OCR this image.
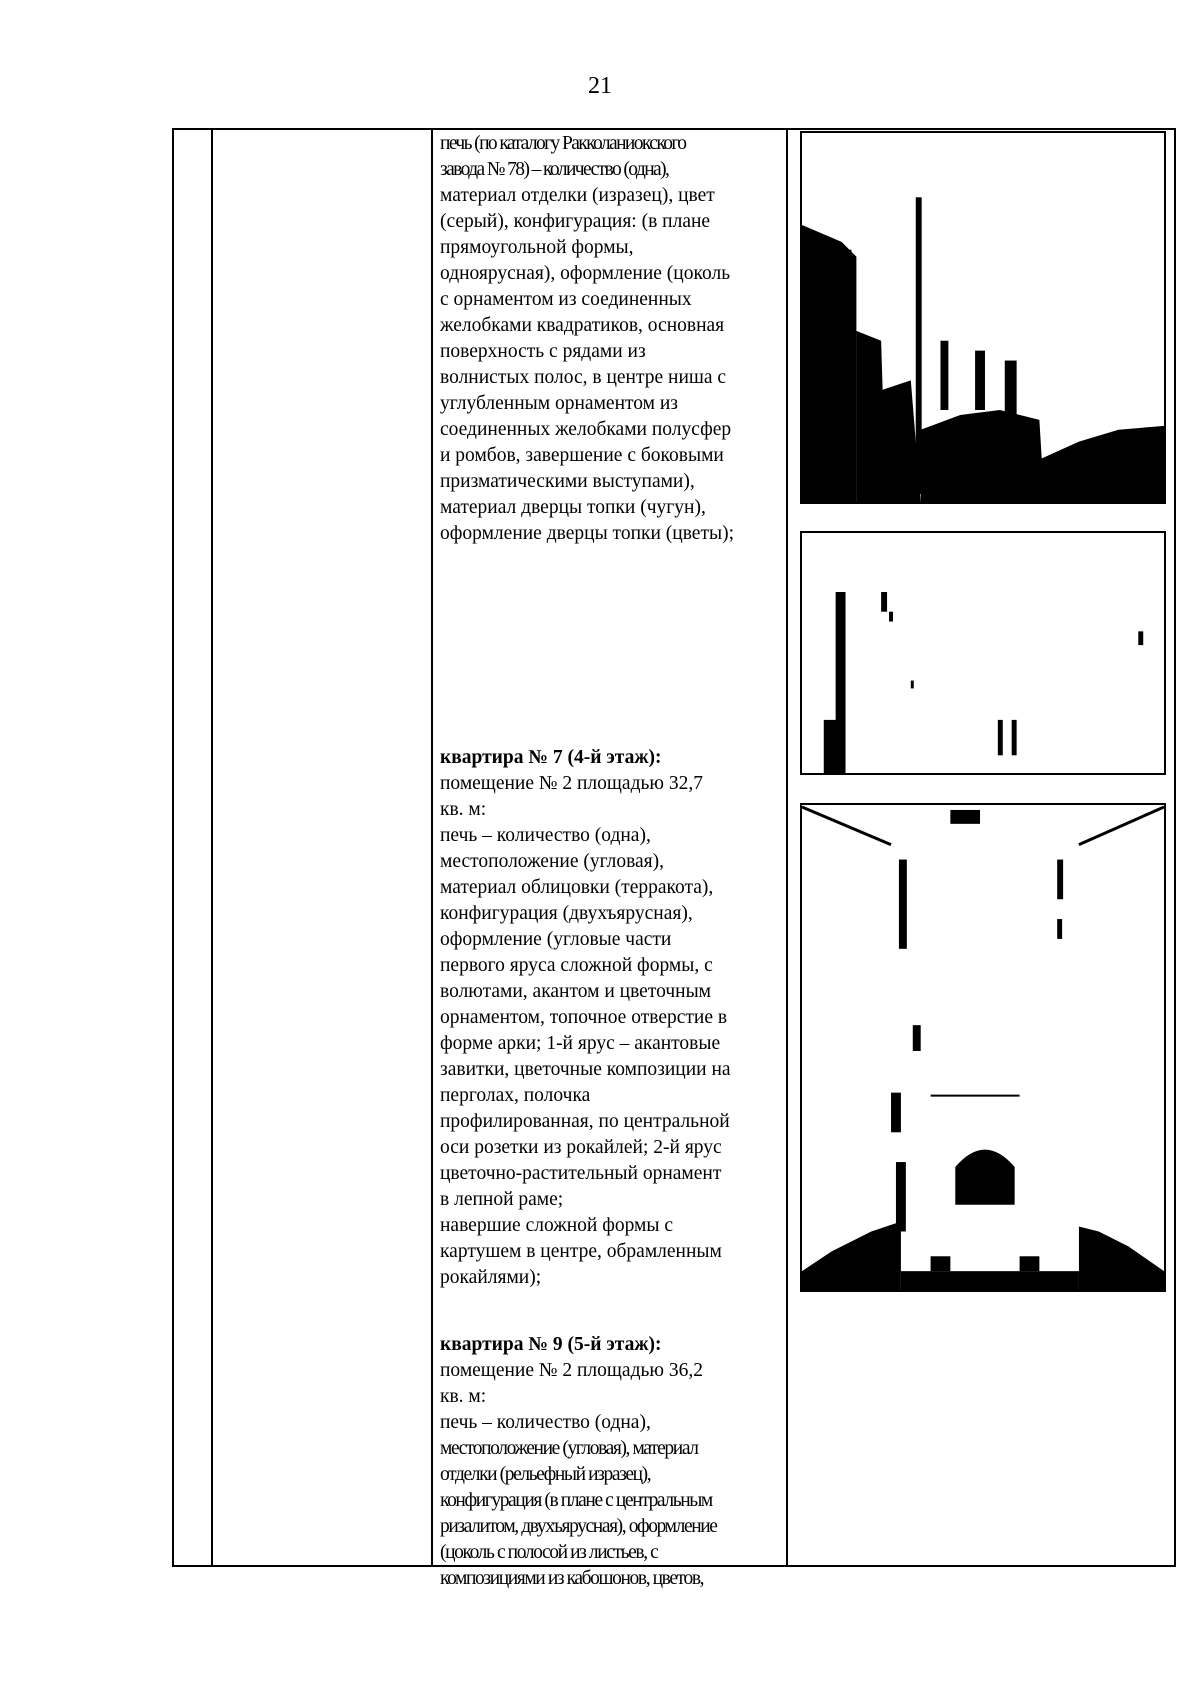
21

печь (по каталогу Ракколаниокского

завода № 78) – количество (одна),

материал отделки (изразец), цвет

(серый), конфигурация: (в плане

прямоугольной формы,

одноярусная), оформление (цоколь

с орнаментом из соединенных

желобками квадратиков, основная

поверхность с рядами из

волнистых полос, в центре ниша с

углубленным орнаментом из

соединенных желобками полусфер

и ромбов, завершение с боковыми

призматическими выступами),

материал дверцы топки (чугун),

оформление дверцы топки (цветы);

квартира № 7 (4-й этаж):

помещение № 2 площадью 32,7

кв. м:

печь – количество (одна),

местоположение (угловая),

материал облицовки (терракота),

конфигурация (двухъярусная),

оформление (угловые части

первого яруса сложной формы, с

волютами, акантом и цветочным

орнаментом, топочное отверстие в

форме арки; 1-й ярус – акантовые

завитки, цветочные композиции на

перголах, полочка

профилированная, по центральной

оси розетки из рокайлей; 2-й ярус

цветочно-растительный орнамент

в лепной раме;

навершие сложной формы с

картушем в центре, обрамленным

рокайлями);

квартира № 9 (5-й этаж):

помещение № 2 площадью 36,2

кв. м:

печь – количество (одна),

местоположение (угловая), материал

отделки (рельефный изразец),

конфигурация (в плане с центральным

ризалитом, двухъярусная), оформление

(цоколь с полосой из листьев, с

композициями из кабошонов, цветов,
